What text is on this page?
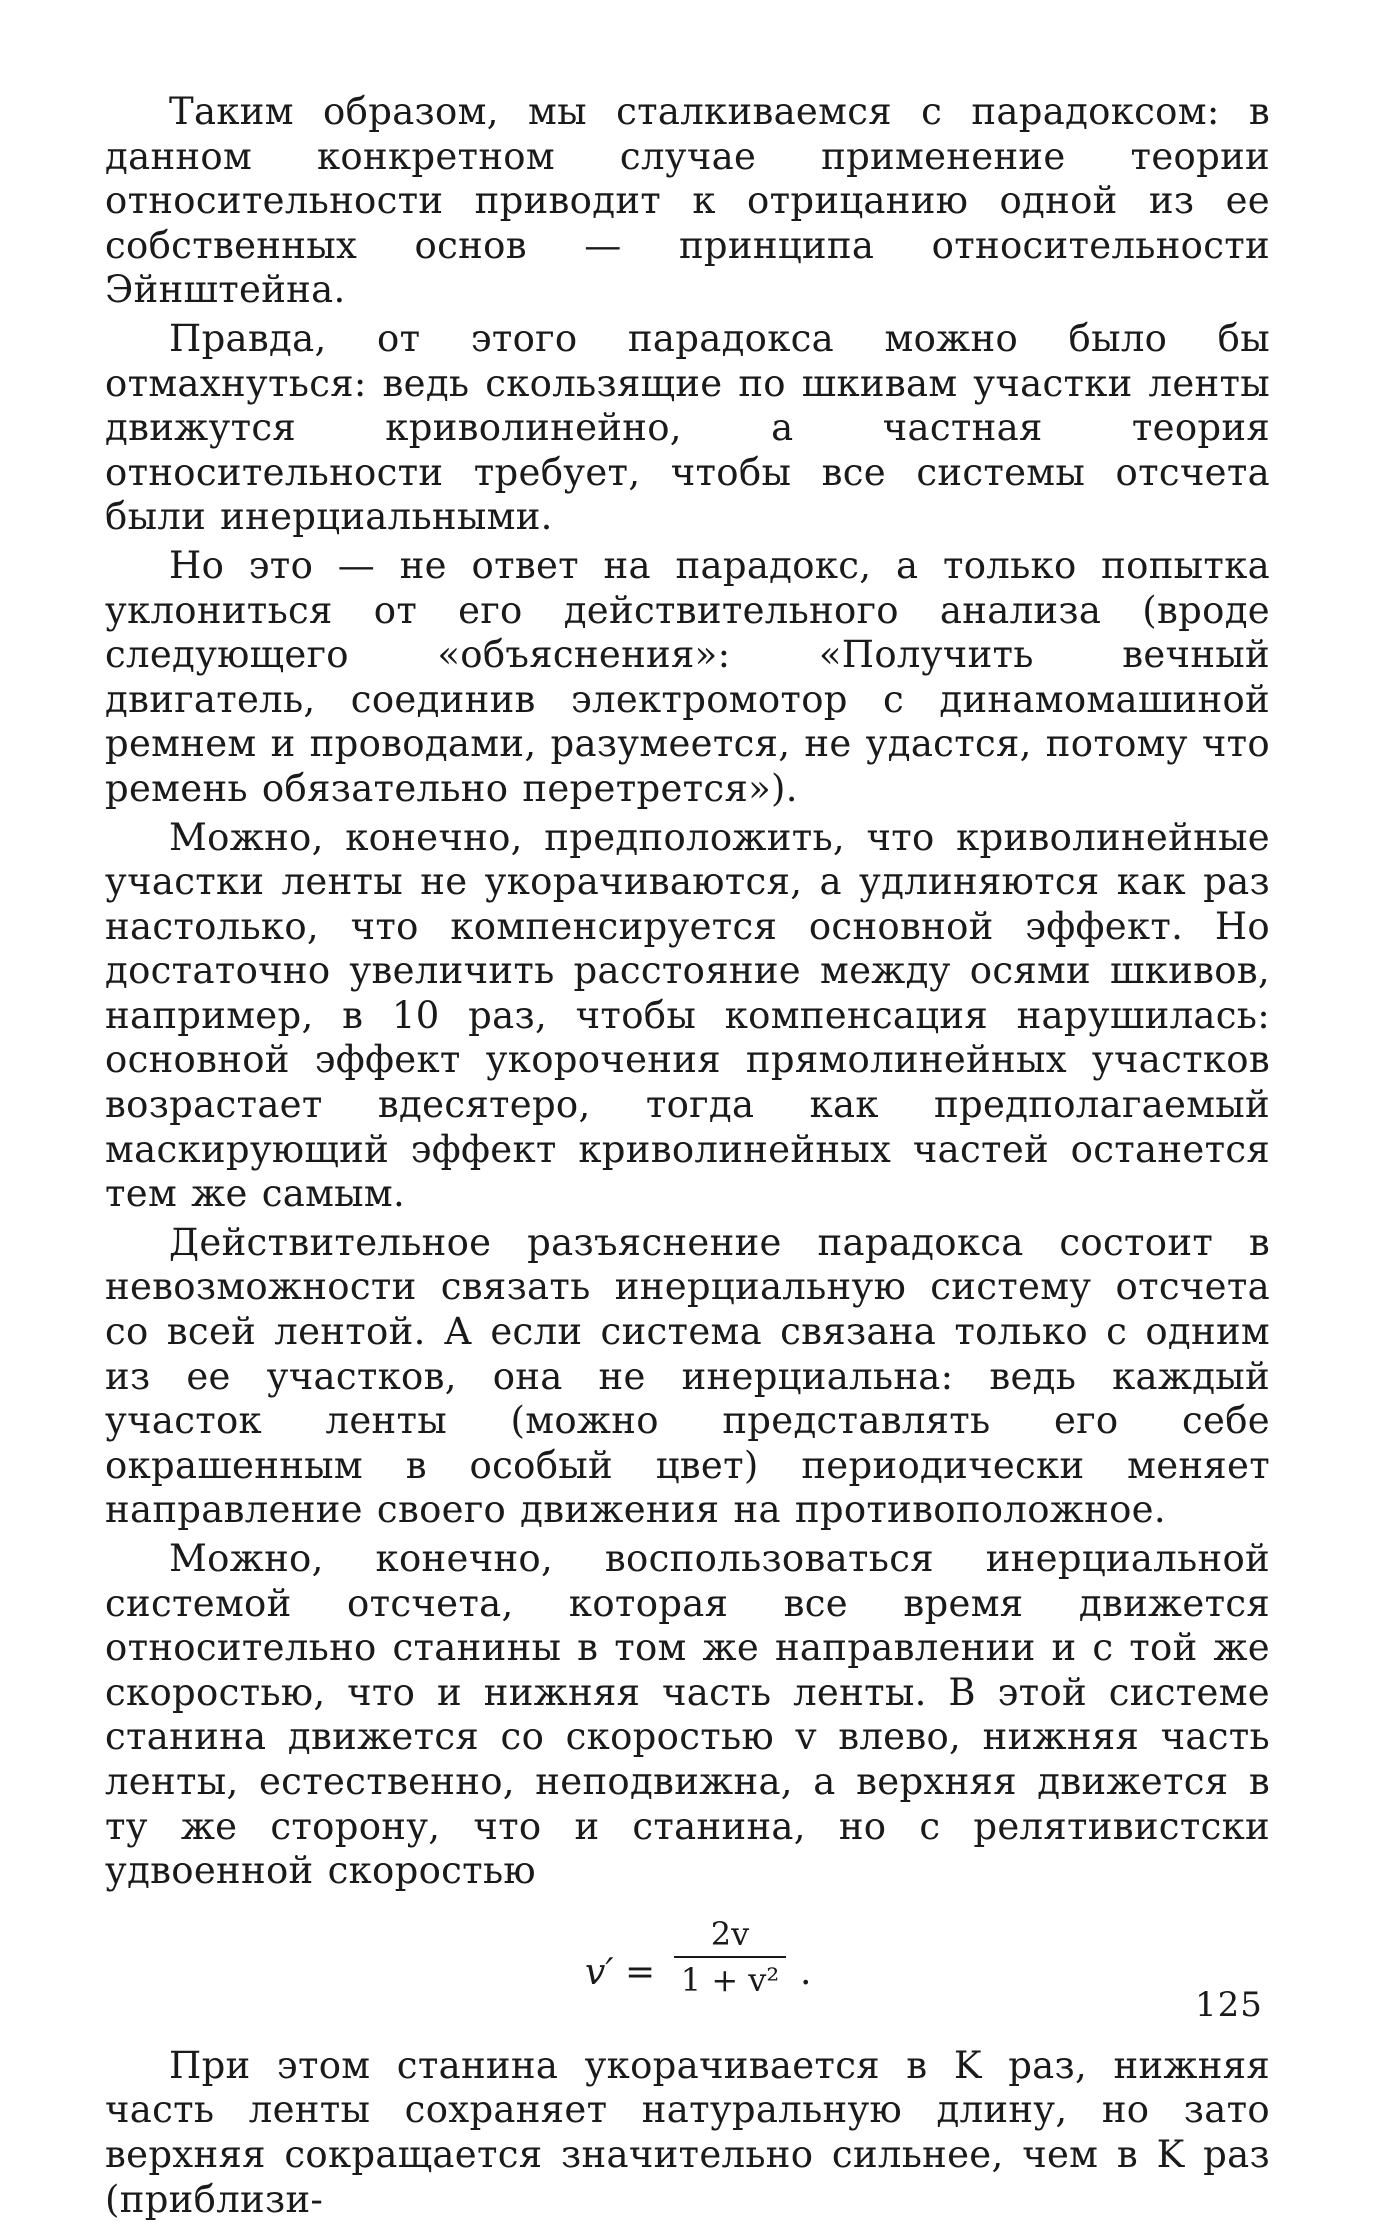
Таким образом, мы сталкиваемся с парадоксом: в данном конкретном случае применение теории относительности приводит к отрицанию одной из ее собственных основ — принципа относительности Эйнштейна.

Правда, от этого парадокса можно было бы отмахнуться: ведь скользящие по шкивам участки ленты движутся криволинейно, а частная теория относительности требует, чтобы все системы отсчета были инерциальными.

Но это — не ответ на парадокс, а только попытка уклониться от его действительного анализа (вроде следующего «объяснения»: «Получить вечный двигатель, соединив электромотор с динамомашиной ремнем и проводами, разумеется, не удастся, потому что ремень обязательно перетрется»).

Можно, конечно, предположить, что криволинейные участки ленты не укорачиваются, а удлиняются как раз настолько, что компенсируется основной эффект. Но достаточно увеличить расстояние между осями шкивов, например, в 10 раз, чтобы компенсация нарушилась: основной эффект укорочения прямолинейных участков возрастает вдесятеро, тогда как предполагаемый маскирующий эффект криволинейных частей останется тем же самым.

Действительное разъяснение парадокса состоит в невозможности связать инерциальную систему отсчета со всей лентой. А если система связана только с одним из ее участков, она не инерциальна: ведь каждый участок ленты (можно представлять его себе окрашенным в особый цвет) периодически меняет направление своего движения на противоположное.

Можно, конечно, воспользоваться инерциальной системой отсчета, которая все время движется относительно станины в том же направлении и с той же скоростью, что и нижняя часть ленты. В этой системе станина движется со скоростью v влево, нижняя часть ленты, естественно, неподвижна, а верхняя движется в ту же сторону, что и станина, но с релятивистски удвоенной скоростью

v′ =
2v
1 + v² .

При этом станина укорачивается в K раз, нижняя часть ленты сохраняет натуральную длину, но зато верхняя сокращается значительно сильнее, чем в K раз (приблизи-

125
